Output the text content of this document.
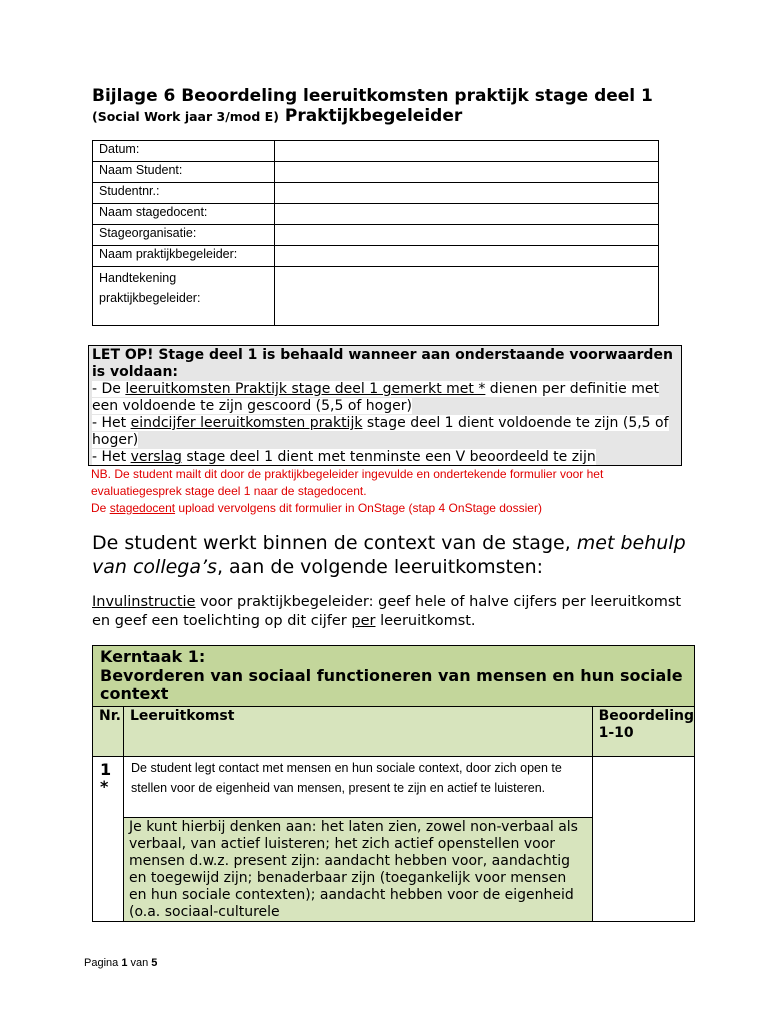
Bijlage 6 Beoordeling leeruitkomsten praktijk stage deel 1 (Social Work jaar 3/mod E) Praktijkbegeleider
Datum:	
Naam Student:	
Studentnr.:	
Naam stagedocent:	
Stageorganisatie:	
Naam praktijkbegeleider:	
Handtekening
praktijkbegeleider:	
LET OP! Stage deel 1 is behaald wanneer aan onderstaande voorwaarden is voldaan:
- De leeruitkomsten Praktijk stage deel 1 gemerkt met * dienen per definitie met een voldoende te zijn gescoord (5,5 of hoger)
- Het eindcijfer leeruitkomsten praktijk stage deel 1 dient voldoende te zijn (5,5 of hoger)
- Het verslag stage deel 1 dient met tenminste een V beoordeeld te zijn
NB. De student mailt dit door de praktijkbegeleider ingevulde en ondertekende formulier voor het evaluatiegesprek stage deel 1 naar de stagedocent.
De stagedocent upload vervolgens dit formulier in OnStage (stap 4 OnStage dossier)
De student werkt binnen de context van de stage, met behulp van collega’s, aan de volgende leeruitkomsten:
Invulinstructie voor praktijkbegeleider: geef hele of halve cijfers per leeruitkomst en geef een toelichting op dit cijfer per leeruitkomst.
Kerntaak 1:
Bevorderen van sociaal functioneren van mensen en hun sociale context		
Nr.	Leeruitkomst	Beoordeling 1-10
1
*	De student legt contact met mensen en hun sociale context, door zich open te stellen voor de eigenheid van mensen, present te zijn en actief te luisteren.	
	Je kunt hierbij denken aan: het laten zien, zowel non-verbaal als verbaal, van actief luisteren; het zich actief openstellen voor mensen d.w.z. present zijn: aandacht hebben voor, aandachtig en toegewijd zijn; benaderbaar zijn (toegankelijk voor mensen en hun sociale contexten); aandacht hebben voor de eigenheid (o.a. sociaal-culturele	
Pagina 1 van 5
